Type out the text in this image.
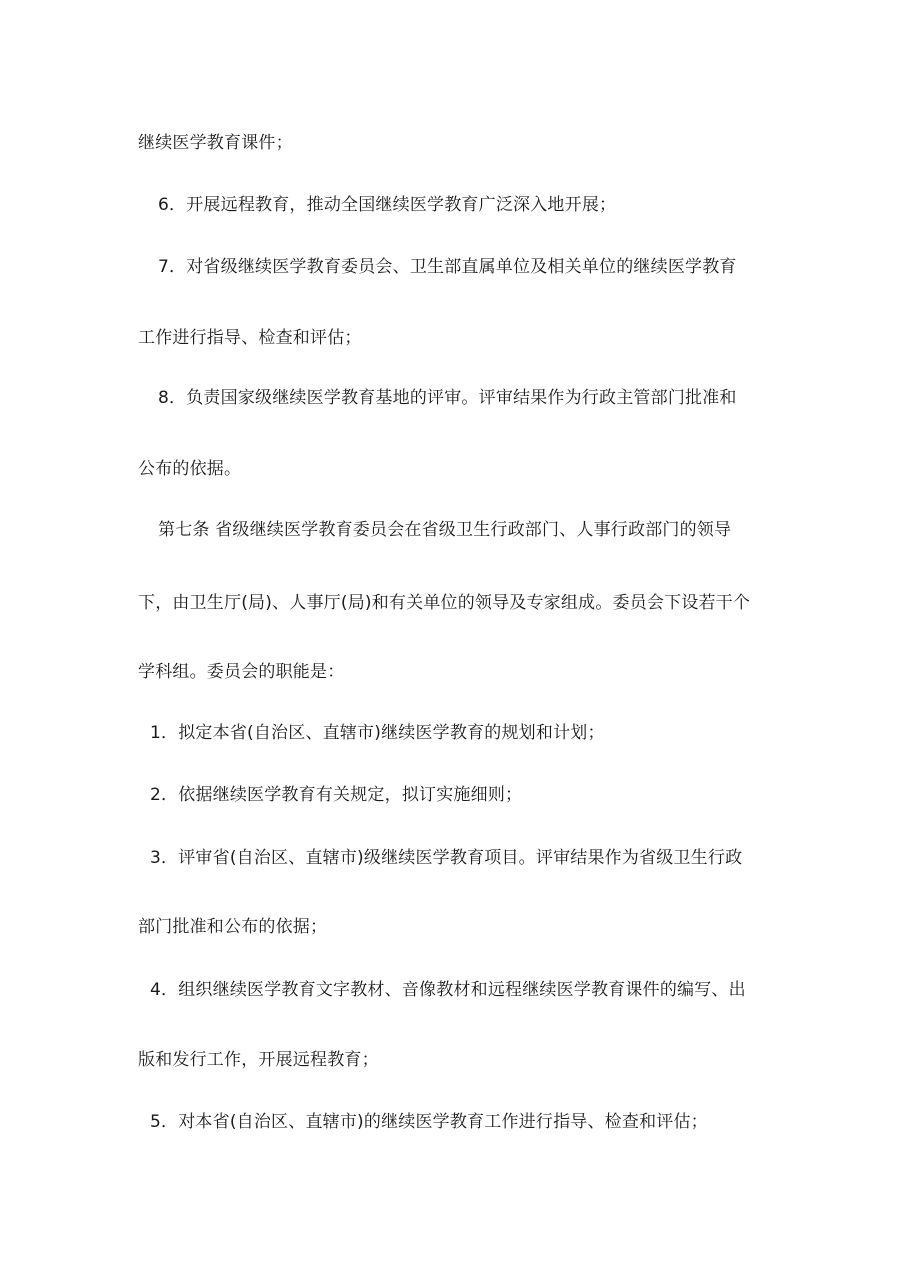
继续医学教育课件；

6．开展远程教育，推动全国继续医学教育广泛深入地开展；

7．对省级继续医学教育委员会、卫生部直属单位及相关单位的继续医学教育

工作进行指导、检查和评估；

8．负责国家级继续医学教育基地的评审。评审结果作为行政主管部门批准和

公布的依据。

第七条 省级继续医学教育委员会在省级卫生行政部门、人事行政部门的领导

下，由卫生厅(局)、人事厅(局)和有关单位的领导及专家组成。委员会下设若干个

学科组。委员会的职能是：

1．拟定本省(自治区、直辖市)继续医学教育的规划和计划；

2．依据继续医学教育有关规定，拟订实施细则；

3．评审省(自治区、直辖市)级继续医学教育项目。评审结果作为省级卫生行政

部门批准和公布的依据；

4．组织继续医学教育文字教材、音像教材和远程继续医学教育课件的编写、出

版和发行工作，开展远程教育；

5．对本省(自治区、直辖市)的继续医学教育工作进行指导、检查和评估；
